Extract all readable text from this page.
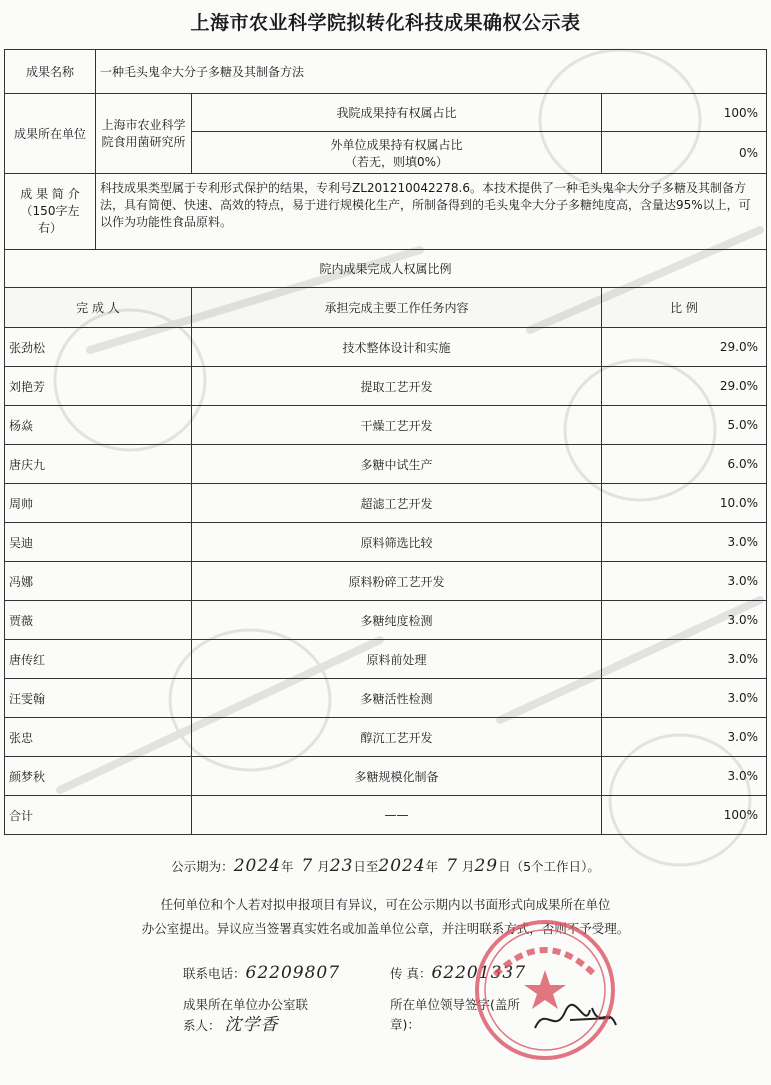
上海市农业科学院拟转化科技成果确权公示表
成果名称	一种毛头鬼伞大分子多糖及其制备方法		
成果所在单位	上海市农业科学院食用菌研究所	我院成果持有权属占比	100%

		外单位成果持有权属占比
（若无，则填0%）	0%

成 果 简 介
（150字左
右）	科技成果类型属于专利形式保护的结果，专利号ZL201210042278.6。本技术提供了一种毛头鬼伞大分子多糖及其制备方法，具有简便、快速、高效的特点，易于进行规模化生产，所制备得到的毛头鬼伞大分子多糖纯度高，含量达95%以上，可以作为功能性食品原料。		
院内成果完成人权属比例			
完 成 人		承担完成主要工作任务内容	比 例
张劲松		技术整体设计和实施	29.0%
刘艳芳		提取工艺开发	29.0%
杨焱		干燥工艺开发	5.0%
唐庆九		多糖中试生产	6.0%
周帅		超滤工艺开发	10.0%
吴迪		原料筛选比较	3.0%
冯娜		原料粉碎工艺开发	3.0%
贾薇		多糖纯度检测	3.0%
唐传红		原料前处理	3.0%
汪雯翰		多糖活性检测	3.0%
张忠		醇沉工艺开发	3.0%
颜梦秋		多糖规模化制备	3.0%
合计		——	100%
公示期为：2024年 7 月23日至2024年 7 月29日（5个工作日）。
任何单位和个人若对拟申报项目有异议，可在公示期内以书面形式向成果所在单位
办公室提出。异议应当签署真实姓名或加盖单位公章，并注明联系方式，否则不予受理。
联系电话：62209807	传 真：62201337
成果所在单位办公室联
系人： 沈学香
所在单位领导签字(盖所
章)：
